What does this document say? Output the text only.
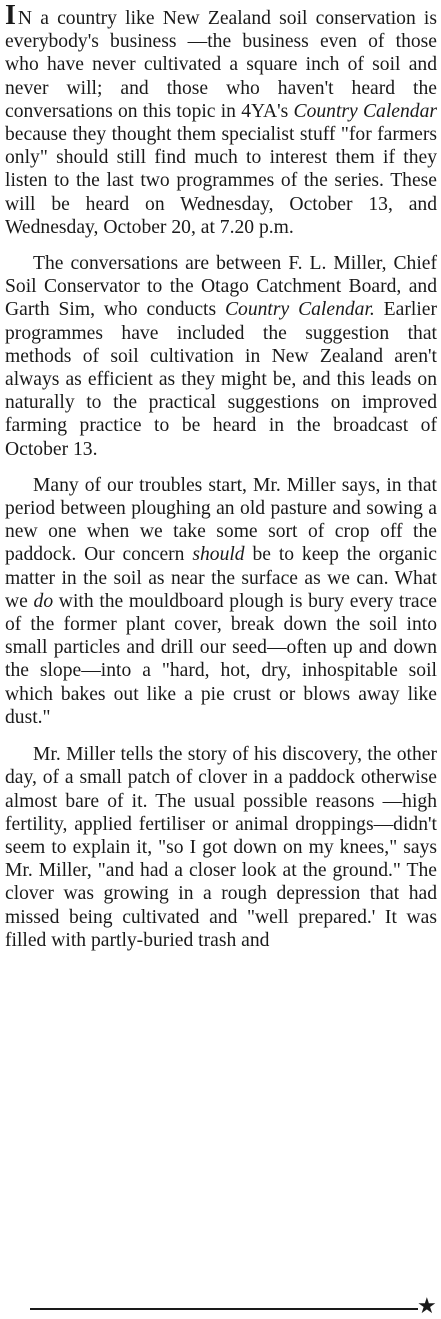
IN a country like New Zealand soil conservation is everybody's business —the business even of those who have never cultivated a square inch of soil and never will; and those who haven't heard the conversations on this topic in 4YA's Country Calendar because they thought them specialist stuff "for farmers only" should still find much to interest them if they listen to the last two programmes of the series. These will be heard on Wednesday, October 13, and Wednesday, October 20, at 7.20 p.m.

The conversations are between F. L. Miller, Chief Soil Conservator to the Otago Catchment Board, and Garth Sim, who conducts Country Calendar. Earlier programmes have included the suggestion that methods of soil cultivation in New Zealand aren't always as efficient as they might be, and this leads on naturally to the practical suggestions on improved farming practice to be heard in the broadcast of October 13.

Many of our troubles start, Mr. Miller says, in that period between ploughing an old pasture and sowing a new one when we take some sort of crop off the paddock. Our concern should be to keep the organic matter in the soil as near the surface as we can. What we do with the mouldboard plough is bury every trace of the former plant cover, break down the soil into small particles and drill our seed—often up and down the slope—into a "hard, hot, dry, inhospitable soil which bakes out like a pie crust or blows away like dust."

Mr. Miller tells the story of his discovery, the other day, of a small patch of clover in a paddock otherwise almost bare of it. The usual possible reasons —high fertility, applied fertiliser or animal droppings—didn't seem to explain it, "so I got down on my knees," says Mr. Miller, "and had a closer look at the ground." The clover was growing in a rough depression that had missed being cultivated and "well prepared.' It was filled with partly-buried trash and

★
